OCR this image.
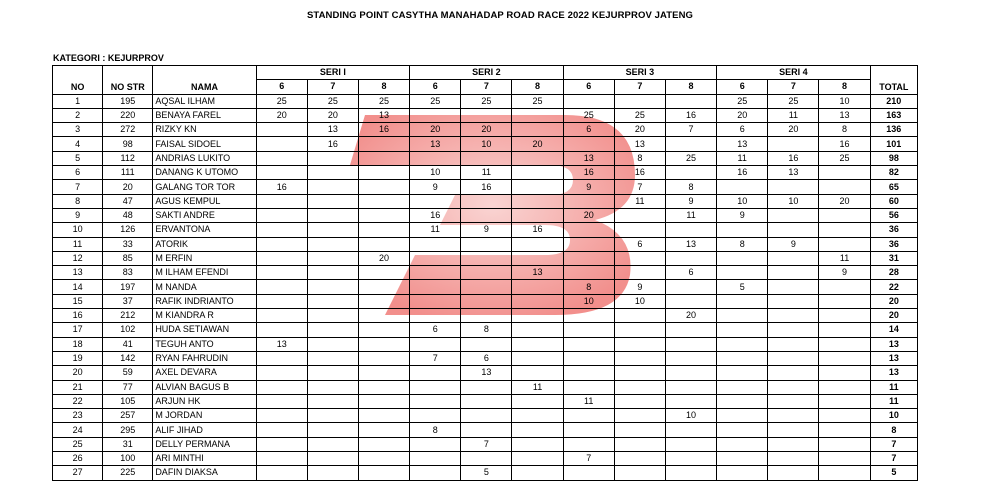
STANDING POINT CASYTHA MANAHADAP ROAD RACE 2022 KEJURPROV JATENG
KATEGORI : KEJURPROV
NO	NO STR	NAMA	SERI I			SERI 2			SERI 3			SERI 4			TOTAL
			6	7	8	6	7	8	6	7	8	6	7	8	
1	195	AQSAL ILHAM	25	25	25	25	25	25				25	25	10	210
2	220	BENAYA FAREL	20	20	13				25	25	16	20	11	13	163
3	272	RIZKY KN		13	16	20	20		6	20	7	6	20	8	136
4	98	FAISAL SIDOEL		16		13	10	20		13		13		16	101
5	112	ANDRIAS LUKITO							13	8	25	11	16	25	98
6	111	DANANG K UTOMO				10	11		16	16		16	13		82
7	20	GALANG TOR TOR	16			9	16		9	7	8				65
8	47	AGUS KEMPUL								11	9	10	10	20	60
9	48	SAKTI ANDRE				16			20		11	9			56
10	126	ERVANTONA				11	9	16							36
11	33	ATORIK								6	13	8	9		36
12	85	M ERFIN			20									11	31
13	83	M ILHAM EFENDI						13			6			9	28
14	197	M NANDA							8	9		5			22
15	37	RAFIK INDRIANTO							10	10					20
16	212	M KIANDRA R									20				20
17	102	HUDA SETIAWAN				6	8								14
18	41	TEGUH ANTO	13												13
19	142	RYAN FAHRUDIN				7	6								13
20	59	AXEL DEVARA					13								13
21	77	ALVIAN BAGUS B						11							11
22	105	ARJUN HK							11						11
23	257	M JORDAN									10				10
24	295	ALIF JIHAD				8									8
25	31	DELLY PERMANA					7								7
26	100	ARI MINTHI							7						7
27	225	DAFIN DIAKSA					5								5
